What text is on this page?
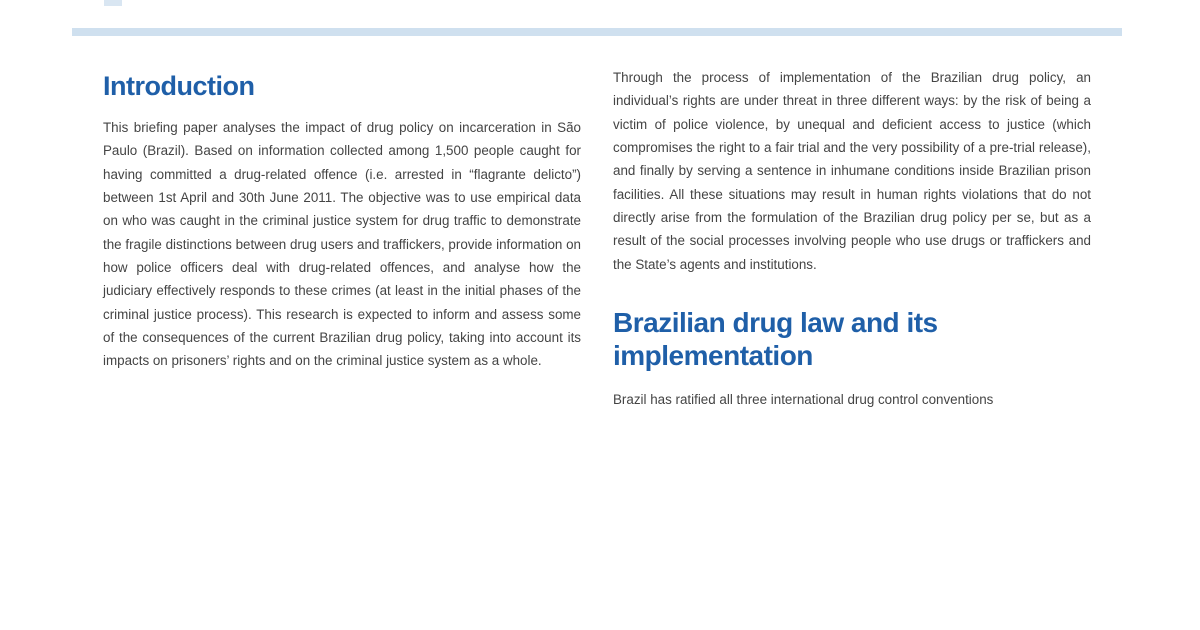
Introduction

This briefing paper analyses the impact of drug policy on incarceration in São Paulo (Brazil). Based on information collected among 1,500 people caught for having committed a drug-related offence (i.e. arrested in “flagrante delicto”) between 1st April and 30th June 2011. The objective was to use empirical data on who was caught in the criminal justice system for drug traffic to demonstrate the fragile distinctions between drug users and traffickers, provide information on how police officers deal with drug-related offences, and analyse how the judiciary effectively responds to these crimes (at least in the initial phases of the criminal justice process). This research is expected to inform and assess some of the consequences of the current Brazilian drug policy, taking into account its impacts on prisoners’ rights and on the criminal justice system as a whole.

Through the process of implementation of the Brazilian drug policy, an individual’s rights are under threat in three different ways: by the risk of being a victim of police violence, by unequal and deficient access to justice (which compromises the right to a fair trial and the very possibility of a pre-trial release), and finally by serving a sentence in inhumane conditions inside Brazilian prison facilities. All these situations may result in human rights violations that do not directly arise from the formulation of the Brazilian drug policy per se, but as a result of the social processes involving people who use drugs or traffickers and the State’s agents and institutions.

Brazilian drug law and its implementation

Brazil has ratified all three international drug control conventions
